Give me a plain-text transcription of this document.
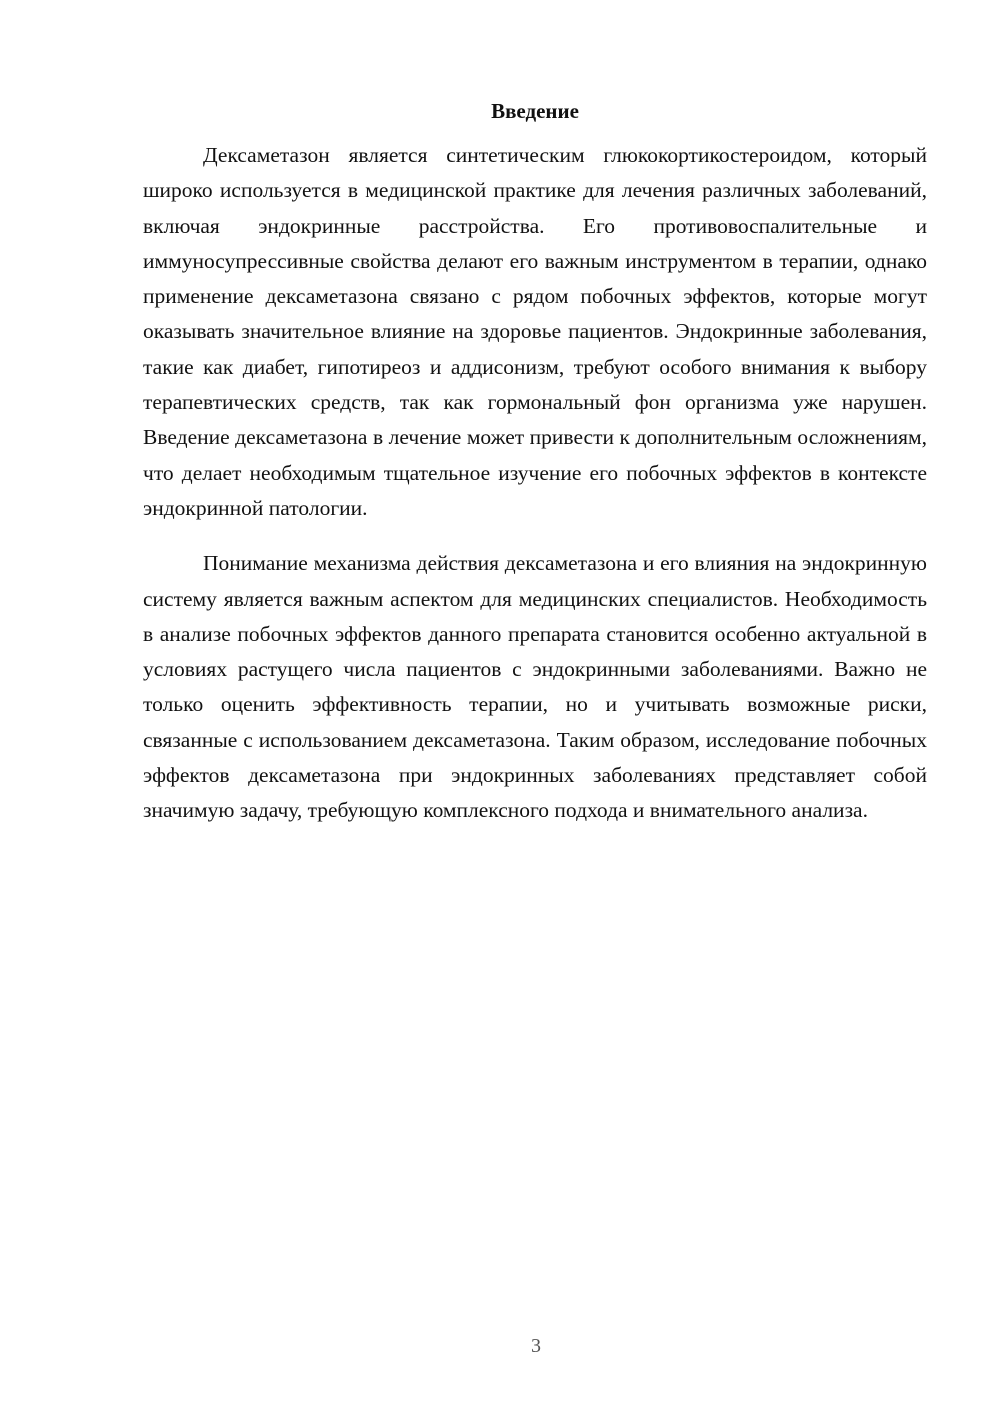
Введение

Дексаметазон является синтетическим глюкокортикостероидом, который широко используется в медицинской практике для лечения различных заболеваний, включая эндокринные расстройства. Его противовоспалительные и иммуносупрессивные свойства делают его важным инструментом в терапии, однако применение дексаметазона связано с рядом побочных эффектов, которые могут оказывать значительное влияние на здоровье пациентов. Эндокринные заболевания, такие как диабет, гипотиреоз и аддисонизм, требуют особого внимания к выбору терапевтических средств, так как гормональный фон организма уже нарушен. Введение дексаметазона в лечение может привести к дополнительным осложнениям, что делает необходимым тщательное изучение его побочных эффектов в контексте эндокринной патологии.

Понимание механизма действия дексаметазона и его влияния на эндокринную систему является важным аспектом для медицинских специалистов. Необходимость в анализе побочных эффектов данного препарата становится особенно актуальной в условиях растущего числа пациентов с эндокринными заболеваниями. Важно не только оценить эффективность терапии, но и учитывать возможные риски, связанные с использованием дексаметазона. Таким образом, исследование побочных эффектов дексаметазона при эндокринных заболеваниях представляет собой значимую задачу, требующую комплексного подхода и внимательного анализа.

3
